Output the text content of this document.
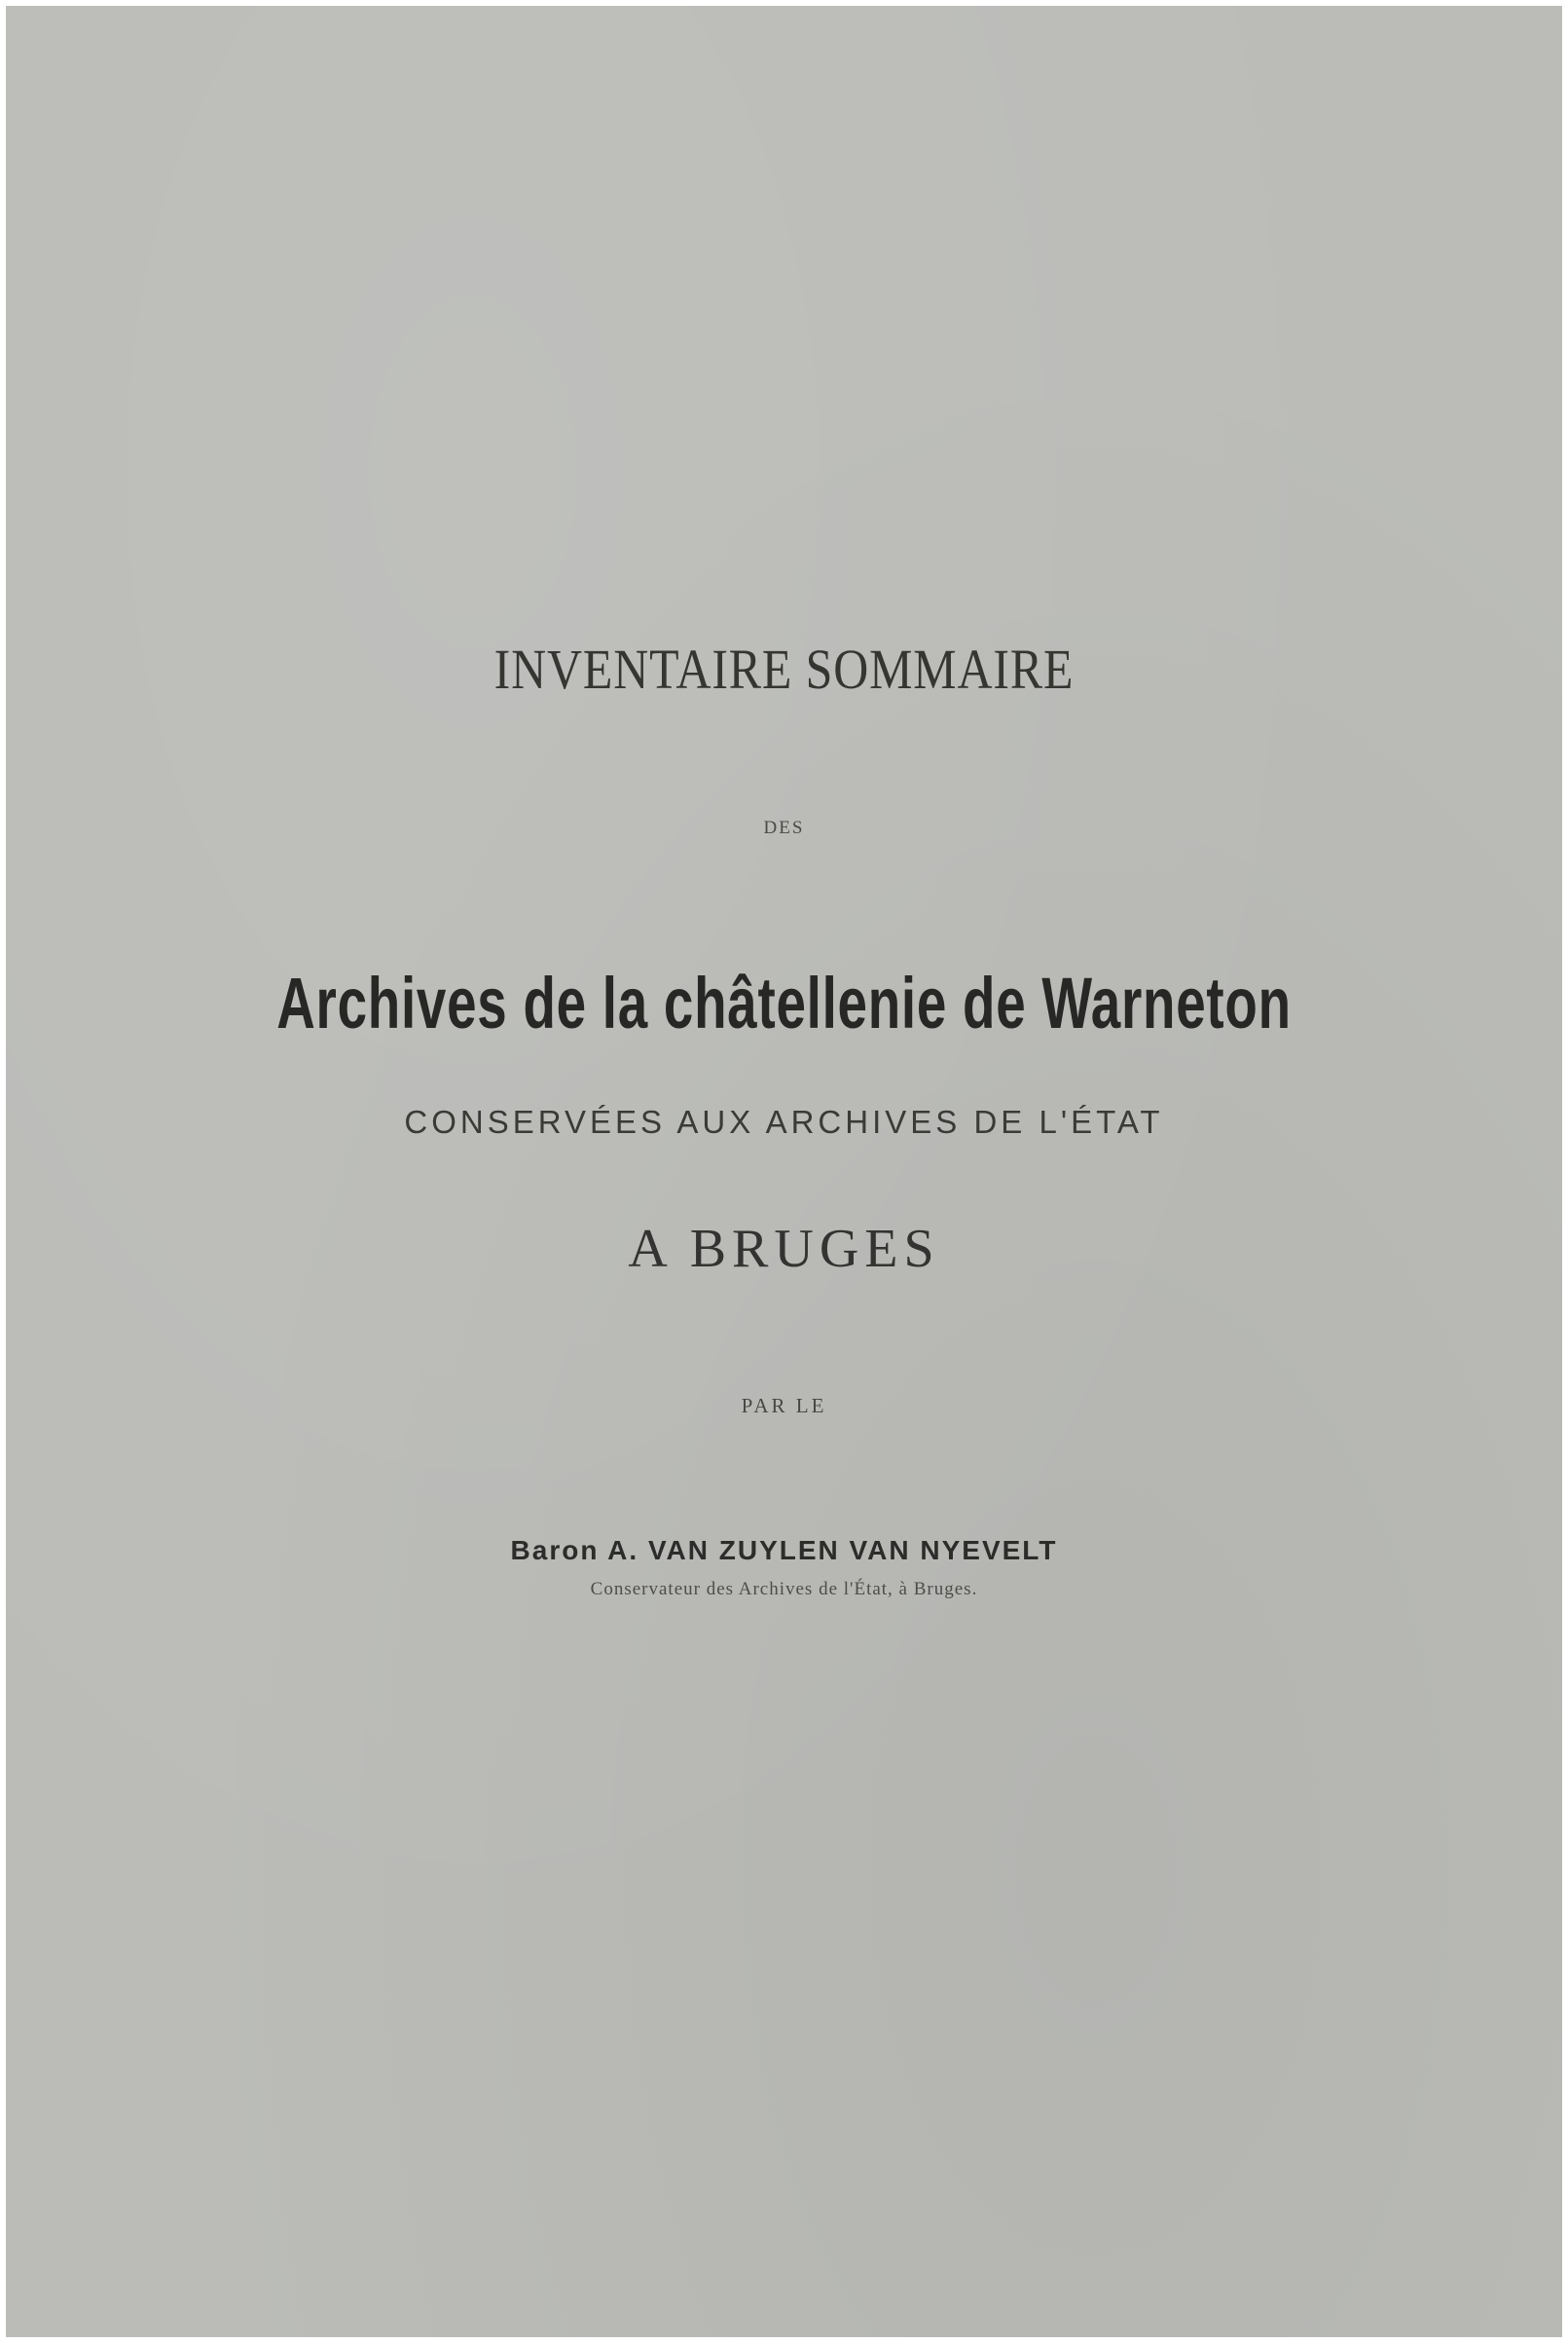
INVENTAIRE SOMMAIRE
DES
Archives de la châtellenie de Warneton
CONSERVÉES AUX ARCHIVES DE L'ÉTAT
A BRUGES
PAR LE
Baron A. VAN ZUYLEN VAN NYEVELT
Conservateur des Archives de l'État, à Bruges.
